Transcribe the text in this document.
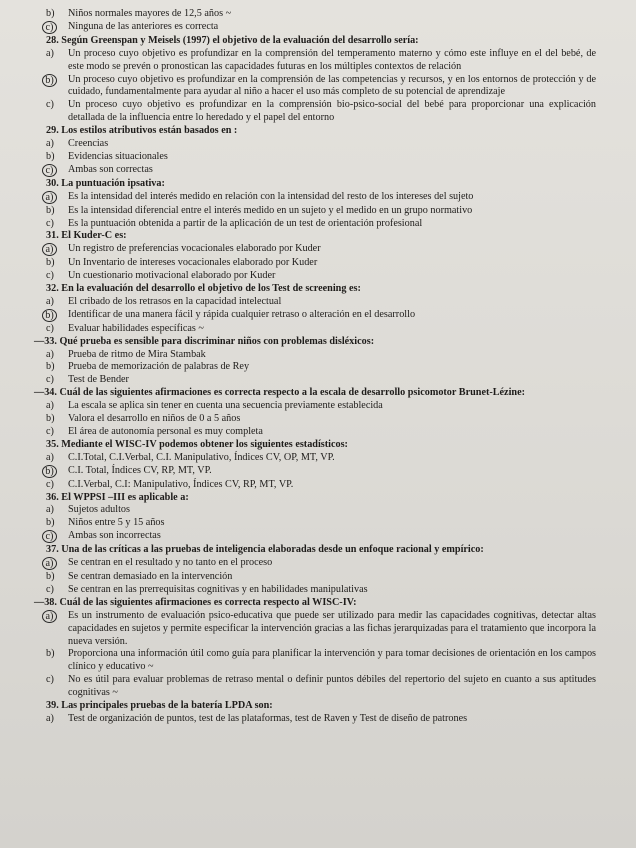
b)	Niños normales mayores de 12,5 años ~
c)	Ninguna de las anteriores es correcta
28. Según Greenspan y Meisels (1997) el objetivo de la evaluación del desarrollo sería:
a)	Un proceso cuyo objetivo es profundizar en la comprensión del temperamento materno y cómo este influye en el del bebé, de este modo se prevén o pronostican las capacidades futuras en los múltiples contextos de relación
b)	Un proceso cuyo objetivo es profundizar en la comprensión de las competencias y recursos, y en los entornos de protección y de cuidado, fundamentalmente para ayudar al niño a hacer el uso más completo de su potencial de aprendizaje
c)	Un proceso cuyo objetivo es profundizar en la comprensión bio-psico-social del bebé para proporcionar una explicación detallada de la influencia entre lo heredado y el papel del entorno
29. Los estilos atributivos están basados en :
a)	Creencias
b)	Evidencias situacionales
c)	Ambas son correctas
30. La puntuación ipsativa:
a)	Es la intensidad del interés medido en relación con la intensidad del resto de los intereses del sujeto
b)	Es la intensidad diferencial entre el interés medido en un sujeto y el medido en un grupo normativo
c)	Es la puntuación obtenida a partir de la aplicación de un test de orientación profesional
31. El Kuder-C es:
a)	Un registro de preferencias vocacionales elaborado por Kuder
b)	Un Inventario de intereses vocacionales elaborado por Kuder
c)	Un cuestionario motivacional elaborado por Kuder
32. En la evaluación del desarrollo el objetivo de los Test de screening es:
a)	El cribado de los retrasos en la capacidad intelectual
b)	Identificar de una manera fácil y rápida cualquier retraso o alteración en el desarrollo
c)	Evaluar habilidades específicas ~
— 33. Qué prueba es sensible para discriminar niños con problemas disléxicos:
a)	Prueba de ritmo de Mira Stambak
b)	Prueba de memorización de palabras de Rey
c)	Test de Bender
— 34. Cuál de las siguientes afirmaciones es correcta respecto a la escala de desarrollo psicomotor Brunet-Lézine:
a)	La escala se aplica sin tener en cuenta una secuencia previamente establecida
b)	Valora el desarrollo en niños de 0 a 5 años
c)	El área de autonomía personal es muy completa
35. Mediante el WISC-IV podemos obtener los siguientes estadísticos:
a)	C.I.Total, C.I.Verbal, C.I. Manipulativo, Índices CV, OP, MT, VP.
b)	C.I. Total, Índices CV, RP, MT, VP.
c)	C.I.Verbal, C.I: Manipulativo, Índices CV, RP, MT, VP.
36. El WPPSI –III es aplicable a:
a)	Sujetos adultos
b)	Niños entre 5 y 15 años
c)	Ambas son incorrectas
37. Una de las críticas a las pruebas de inteligencia elaboradas desde un enfoque racional y empírico:
a)	Se centran en el resultado y no tanto en el proceso
b)	Se centran demasiado en la intervención
c)	Se centran en las prerrequisitas cognitivas y en habilidades manipulativas
— 38. Cuál de las siguientes afirmaciones es correcta respecto al WISC-IV:
a)	Es un instrumento de evaluación psico-educativa que puede ser utilizado para medir las capacidades cognitivas, detectar altas capacidades en sujetos y permite especificar la intervención gracias a las fichas jerarquizadas para el tratamiento que incorpora la nueva versión.
b)	Proporciona una información útil como guía para planificar la intervención y para tomar decisiones de orientación en los campos clínico y educativo ~
c)	No es útil para evaluar problemas de retraso mental o definir puntos débiles del repertorio del sujeto en cuanto a sus aptitudes cognitivas ~
39. Las principales pruebas de la batería LPDA son:
a)	Test de organización de puntos, test de las plataformas, test de Raven y Test de diseño de patrones
